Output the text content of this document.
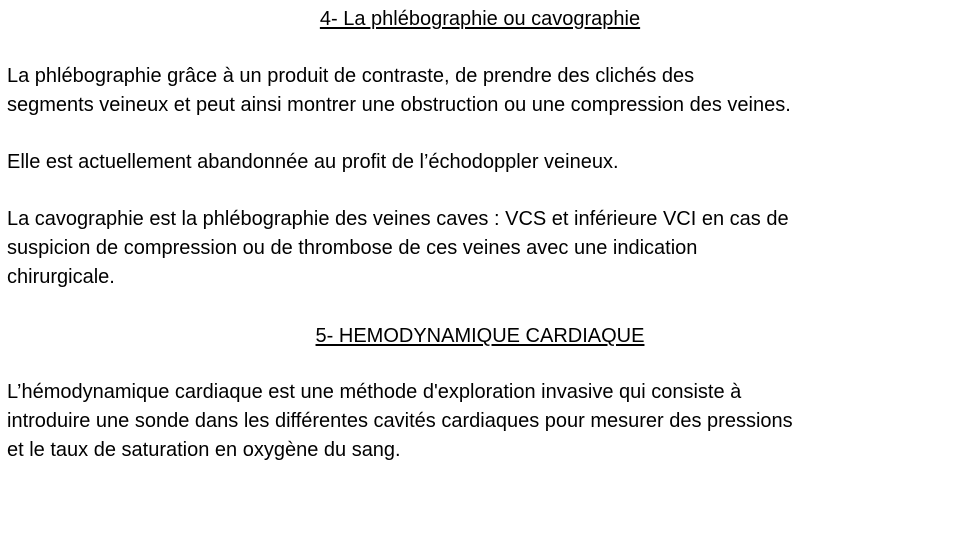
4- La phlébographie ou cavographie

La phlébographie grâce à un produit de contraste, de prendre des clichés des
segments veineux et peut ainsi montrer une obstruction ou une compression des veines.

Elle est actuellement abandonnée au profit de l’échodoppler veineux.

La cavographie est la phlébographie des veines caves : VCS et inférieure VCI en cas de
suspicion de compression ou de thrombose de ces veines avec une indication
chirurgicale.

5- HEMODYNAMIQUE CARDIAQUE

L’hémodynamique cardiaque est une méthode d'exploration invasive qui consiste à
introduire une sonde dans les différentes cavités cardiaques pour mesurer des pressions
et le taux de saturation en oxygène du sang.
